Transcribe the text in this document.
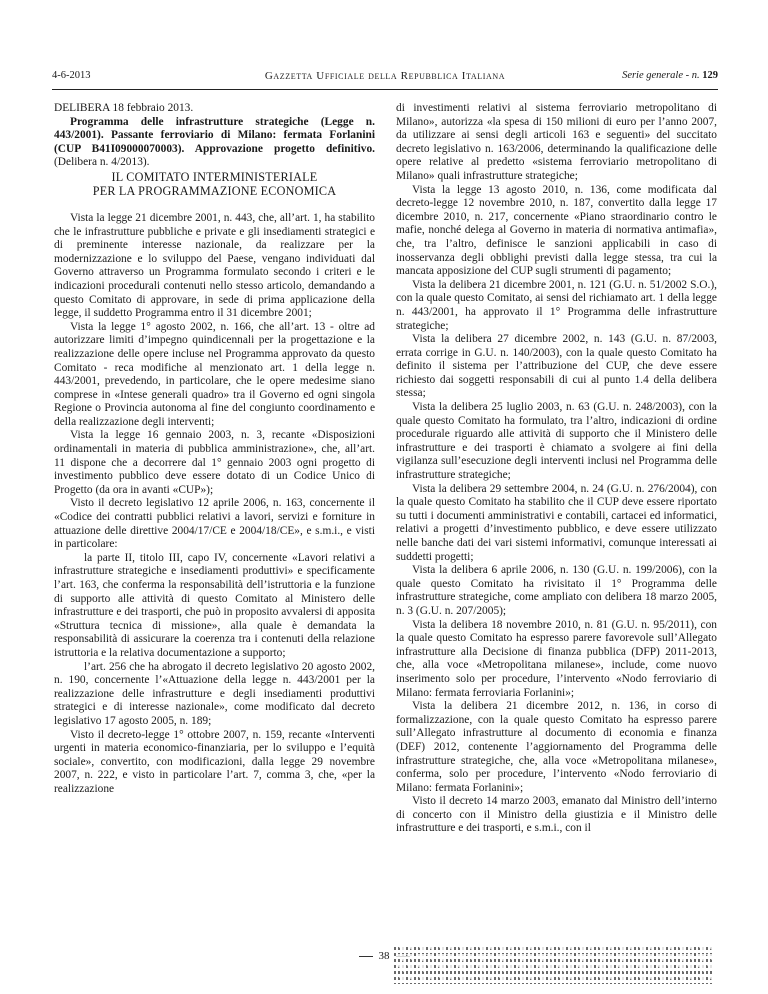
4-6-2013	Gazzetta Ufficiale della Repubblica Italiana	Serie generale - n. 129

DELIBERA 18 febbraio 2013.

Programma delle infrastrutture strategiche (Legge n. 443/2001). Passante ferroviario di Milano: fermata Forlanini (CUP B41I09000070003). Approvazione progetto definitivo. (Delibera n. 4/2013).

IL COMITATO INTERMINISTERIALE
PER LA PROGRAMMAZIONE ECONOMICA

Vista la legge 21 dicembre 2001, n. 443, che, all’art. 1, ha stabilito che le infrastrutture pubbliche e private e gli insediamenti strategici e di preminente interesse nazionale, da realizzare per la modernizzazione e lo sviluppo del Paese, vengano individuati dal Governo attraverso un Programma formulato secondo i criteri e le indicazioni procedurali contenuti nello stesso articolo, demandando a questo Comitato di approvare, in sede di prima applicazione della legge, il suddetto Programma entro il 31 dicembre 2001;

Vista la legge 1° agosto 2002, n. 166, che all’art. 13 - oltre ad autorizzare limiti d’impegno quindicennali per la progettazione e la realizzazione delle opere incluse nel Programma approvato da questo Comitato - reca modifiche al menzionato art. 1 della legge n. 443/2001, prevedendo, in particolare, che le opere medesime siano comprese in «Intese generali quadro» tra il Governo ed ogni singola Regione o Provincia autonoma al fine del congiunto coordinamento e della realizzazione degli interventi;

Vista la legge 16 gennaio 2003, n. 3, recante «Disposizioni ordinamentali in materia di pubblica amministrazione», che, all’art. 11 dispone che a decorrere dal 1° gennaio 2003 ogni progetto di investimento pubblico deve essere dotato di un Codice Unico di Progetto (da ora in avanti «CUP»);

Visto il decreto legislativo 12 aprile 2006, n. 163, concernente il «Codice dei contratti pubblici relativi a lavori, servizi e forniture in attuazione delle direttive 2004/17/CE e 2004/18/CE», e s.m.i., e visti in particolare:

la parte II, titolo III, capo IV, concernente «Lavori relativi a infrastrutture strategiche e insediamenti produttivi» e specificamente l’art. 163, che conferma la responsabilità dell’istruttoria e la funzione di supporto alle attività di questo Comitato al Ministero delle infrastrutture e dei trasporti, che può in proposito avvalersi di apposita «Struttura tecnica di missione», alla quale è demandata la responsabilità di assicurare la coerenza tra i contenuti della relazione istruttoria e la relativa documentazione a supporto;

l’art. 256 che ha abrogato il decreto legislativo 20 agosto 2002, n. 190, concernente l’«Attuazione della legge n. 443/2001 per la realizzazione delle infrastrutture e degli insediamenti produttivi strategici e di interesse nazionale», come modificato dal decreto legislativo 17 agosto 2005, n. 189;

Visto il decreto-legge 1° ottobre 2007, n. 159, recante «Interventi urgenti in materia economico-finanziaria, per lo sviluppo e l’equità sociale», convertito, con modificazioni, dalla legge 29 novembre 2007, n. 222, e visto in particolare l’art. 7, comma 3, che, «per la realizzazione

di investimenti relativi al sistema ferroviario metropolitano di Milano», autorizza «la spesa di 150 milioni di euro per l’anno 2007, da utilizzare ai sensi degli articoli 163 e seguenti» del succitato decreto legislativo n. 163/2006, determinando la qualificazione delle opere relative al predetto «sistema ferroviario metropolitano di Milano» quali infrastrutture strategiche;

Vista la legge 13 agosto 2010, n. 136, come modificata dal decreto-legge 12 novembre 2010, n. 187, convertito dalla legge 17 dicembre 2010, n. 217, concernente «Piano straordinario contro le mafie, nonché delega al Governo in materia di normativa antimafia», che, tra l’altro, definisce le sanzioni applicabili in caso di inosservanza degli obblighi previsti dalla legge stessa, tra cui la mancata apposizione del CUP sugli strumenti di pagamento;

Vista la delibera 21 dicembre 2001, n. 121 (G.U. n. 51/2002 S.O.), con la quale questo Comitato, ai sensi del richiamato art. 1 della legge n. 443/2001, ha approvato il 1° Programma delle infrastrutture strategiche;

Vista la delibera 27 dicembre 2002, n. 143 (G.U. n. 87/2003, errata corrige in G.U. n. 140/2003), con la quale questo Comitato ha definito il sistema per l’attribuzione del CUP, che deve essere richiesto dai soggetti responsabili di cui al punto 1.4 della delibera stessa;

Vista la delibera 25 luglio 2003, n. 63 (G.U. n. 248/2003), con la quale questo Comitato ha formulato, tra l’altro, indicazioni di ordine procedurale riguardo alle attività di supporto che il Ministero delle infrastrutture e dei trasporti è chiamato a svolgere ai fini della vigilanza sull’esecuzione degli interventi inclusi nel Programma delle infrastrutture strategiche;

Vista la delibera 29 settembre 2004, n. 24 (G.U. n. 276/2004), con la quale questo Comitato ha stabilito che il CUP deve essere riportato su tutti i documenti amministrativi e contabili, cartacei ed informatici, relativi a progetti d’investimento pubblico, e deve essere utilizzato nelle banche dati dei vari sistemi informativi, comunque interessati ai suddetti progetti;

Vista la delibera 6 aprile 2006, n. 130 (G.U. n. 199/2006), con la quale questo Comitato ha rivisitato il 1° Programma delle infrastrutture strategiche, come ampliato con delibera 18 marzo 2005, n. 3 (G.U. n. 207/2005);

Vista la delibera 18 novembre 2010, n. 81 (G.U. n. 95/2011), con la quale questo Comitato ha espresso parere favorevole sull’Allegato infrastrutture alla Decisione di finanza pubblica (DFP) 2011-2013, che, alla voce «Metropolitana milanese», include, come nuovo inserimento solo per procedure, l’intervento «Nodo ferroviario di Milano: fermata ferroviaria Forlanini»;

Vista la delibera 21 dicembre 2012, n. 136, in corso di formalizzazione, con la quale questo Comitato ha espresso parere sull’Allegato infrastrutture al documento di economia e finanza (DEF) 2012, contenente l’aggiornamento del Programma delle infrastrutture strategiche, che, alla voce «Metropolitana milanese», conferma, solo per procedure, l’intervento «Nodo ferroviario di Milano: fermata Forlanini»;

Visto il decreto 14 marzo 2003, emanato dal Ministro dell’interno di concerto con il Ministro della giustizia e il Ministro delle infrastrutture e dei trasporti, e s.m.i., con il

38
